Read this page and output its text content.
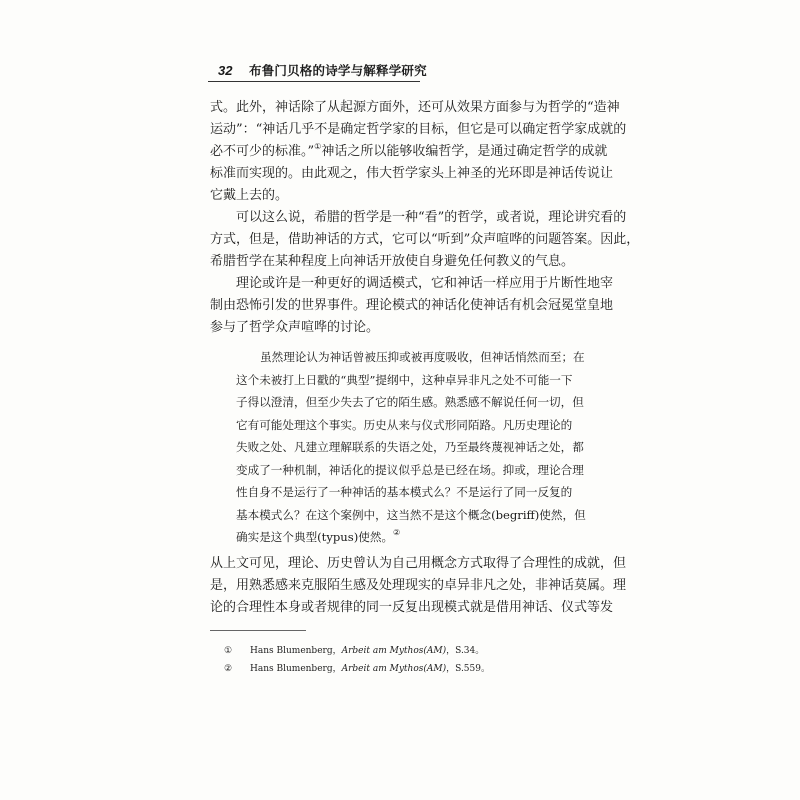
32 布鲁门贝格的诗学与解释学研究

式。此外，神话除了从起源方面外，还可从效果方面参与为哲学的“造神

运动”：“神话几乎不是确定哲学家的目标，但它是可以确定哲学家成就的

必不可少的标准。”①神话之所以能够收编哲学，是通过确定哲学的成就

标准而实现的。由此观之，伟大哲学家头上神圣的光环即是神话传说让

它戴上去的。

可以这么说，希腊的哲学是一种“看”的哲学，或者说，理论讲究看的

方式，但是，借助神话的方式，它可以“听到”众声喧哗的问题答案。因此，

希腊哲学在某种程度上向神话开放使自身避免任何教义的气息。

理论或许是一种更好的调适模式，它和神话一样应用于片断性地宰

制由恐怖引发的世界事件。理论模式的神话化使神话有机会冠冕堂皇地

参与了哲学众声喧哗的讨论。

虽然理论认为神话曾被压抑或被再度吸收，但神话悄然而至；在

这个未被打上日戳的“典型”提纲中，这种卓异非凡之处不可能一下

子得以澄清，但至少失去了它的陌生感。熟悉感不解说任何一切，但

它有可能处理这个事实。历史从来与仪式形同陌路。凡历史理论的

失败之处、凡建立理解联系的失语之处，乃至最终蔑视神话之处，都

变成了一种机制，神话化的提议似乎总是已经在场。抑或，理论合理

性自身不是运行了一种神话的基本模式么？不是运行了同一反复的

基本模式么？在这个案例中，这当然不是这个概念(begriff)使然，但

确实是这个典型(typus)使然。②

从上文可见，理论、历史曾认为自己用概念方式取得了合理性的成就，但

是，用熟悉感来克服陌生感及处理现实的卓异非凡之处，非神话莫属。理

论的合理性本身或者规律的同一反复出现模式就是借用神话、仪式等发

① Hans Blumenberg，Arbeit am Mythos(AM)，S.34。
② Hans Blumenberg，Arbeit am Mythos(AM)，S.559。
